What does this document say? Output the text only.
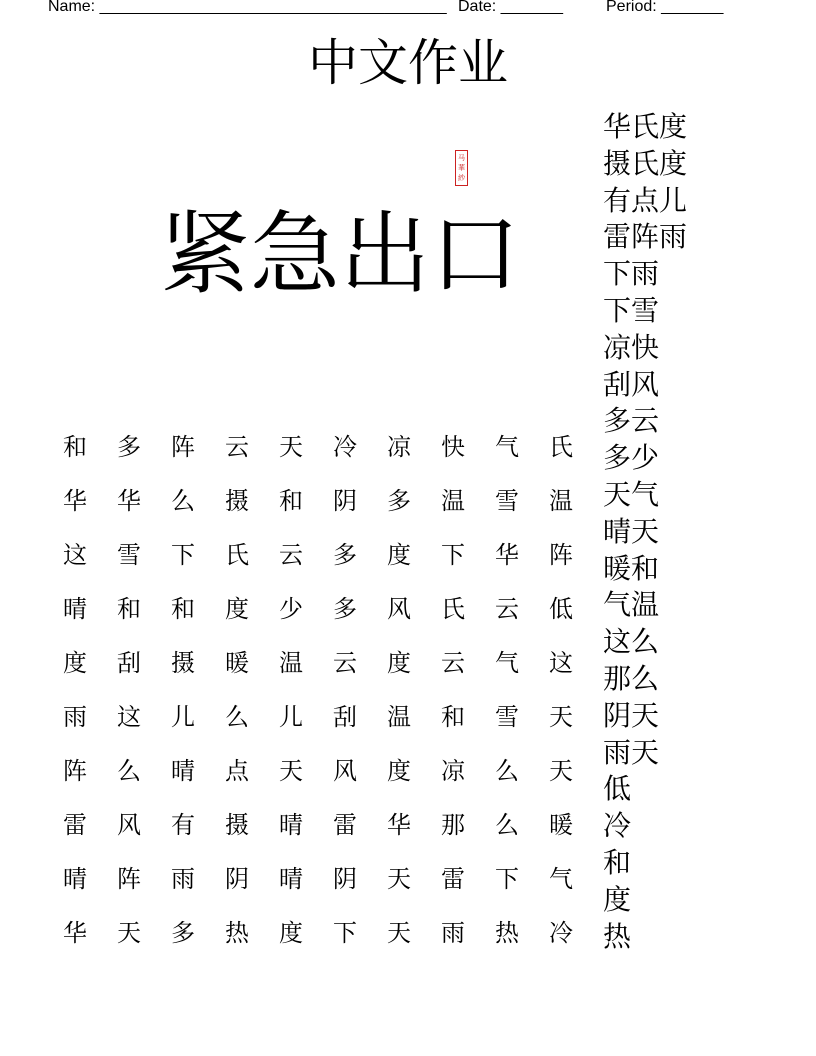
Name: _______________________________________ Date: _______	Period: _______
中文作业
马
華
紗
紧急出口
和	多	阵	云	天	冷	凉	快	气	氏
华	华	么	摄	和	阴	多	温	雪	温
这	雪	下	氏	云	多	度	下	华	阵
晴	和	和	度	少	多	风	氏	云	低
度	刮	摄	暖	温	云	度	云	气	这
雨	这	儿	么	儿	刮	温	和	雪	天
阵	么	晴	点	天	风	度	凉	么	天
雷	风	有	摄	晴	雷	华	那	么	暖
晴	阵	雨	阴	晴	阴	天	雷	下	气
华	天	多	热	度	下	天	雨	热	冷
华氏度
摄氏度
有点儿
雷阵雨
下雨
下雪
凉快
刮风
多云
多少
天气
晴天
暖和
气温
这么
那么
阴天
雨天
低
冷
和
度
热
